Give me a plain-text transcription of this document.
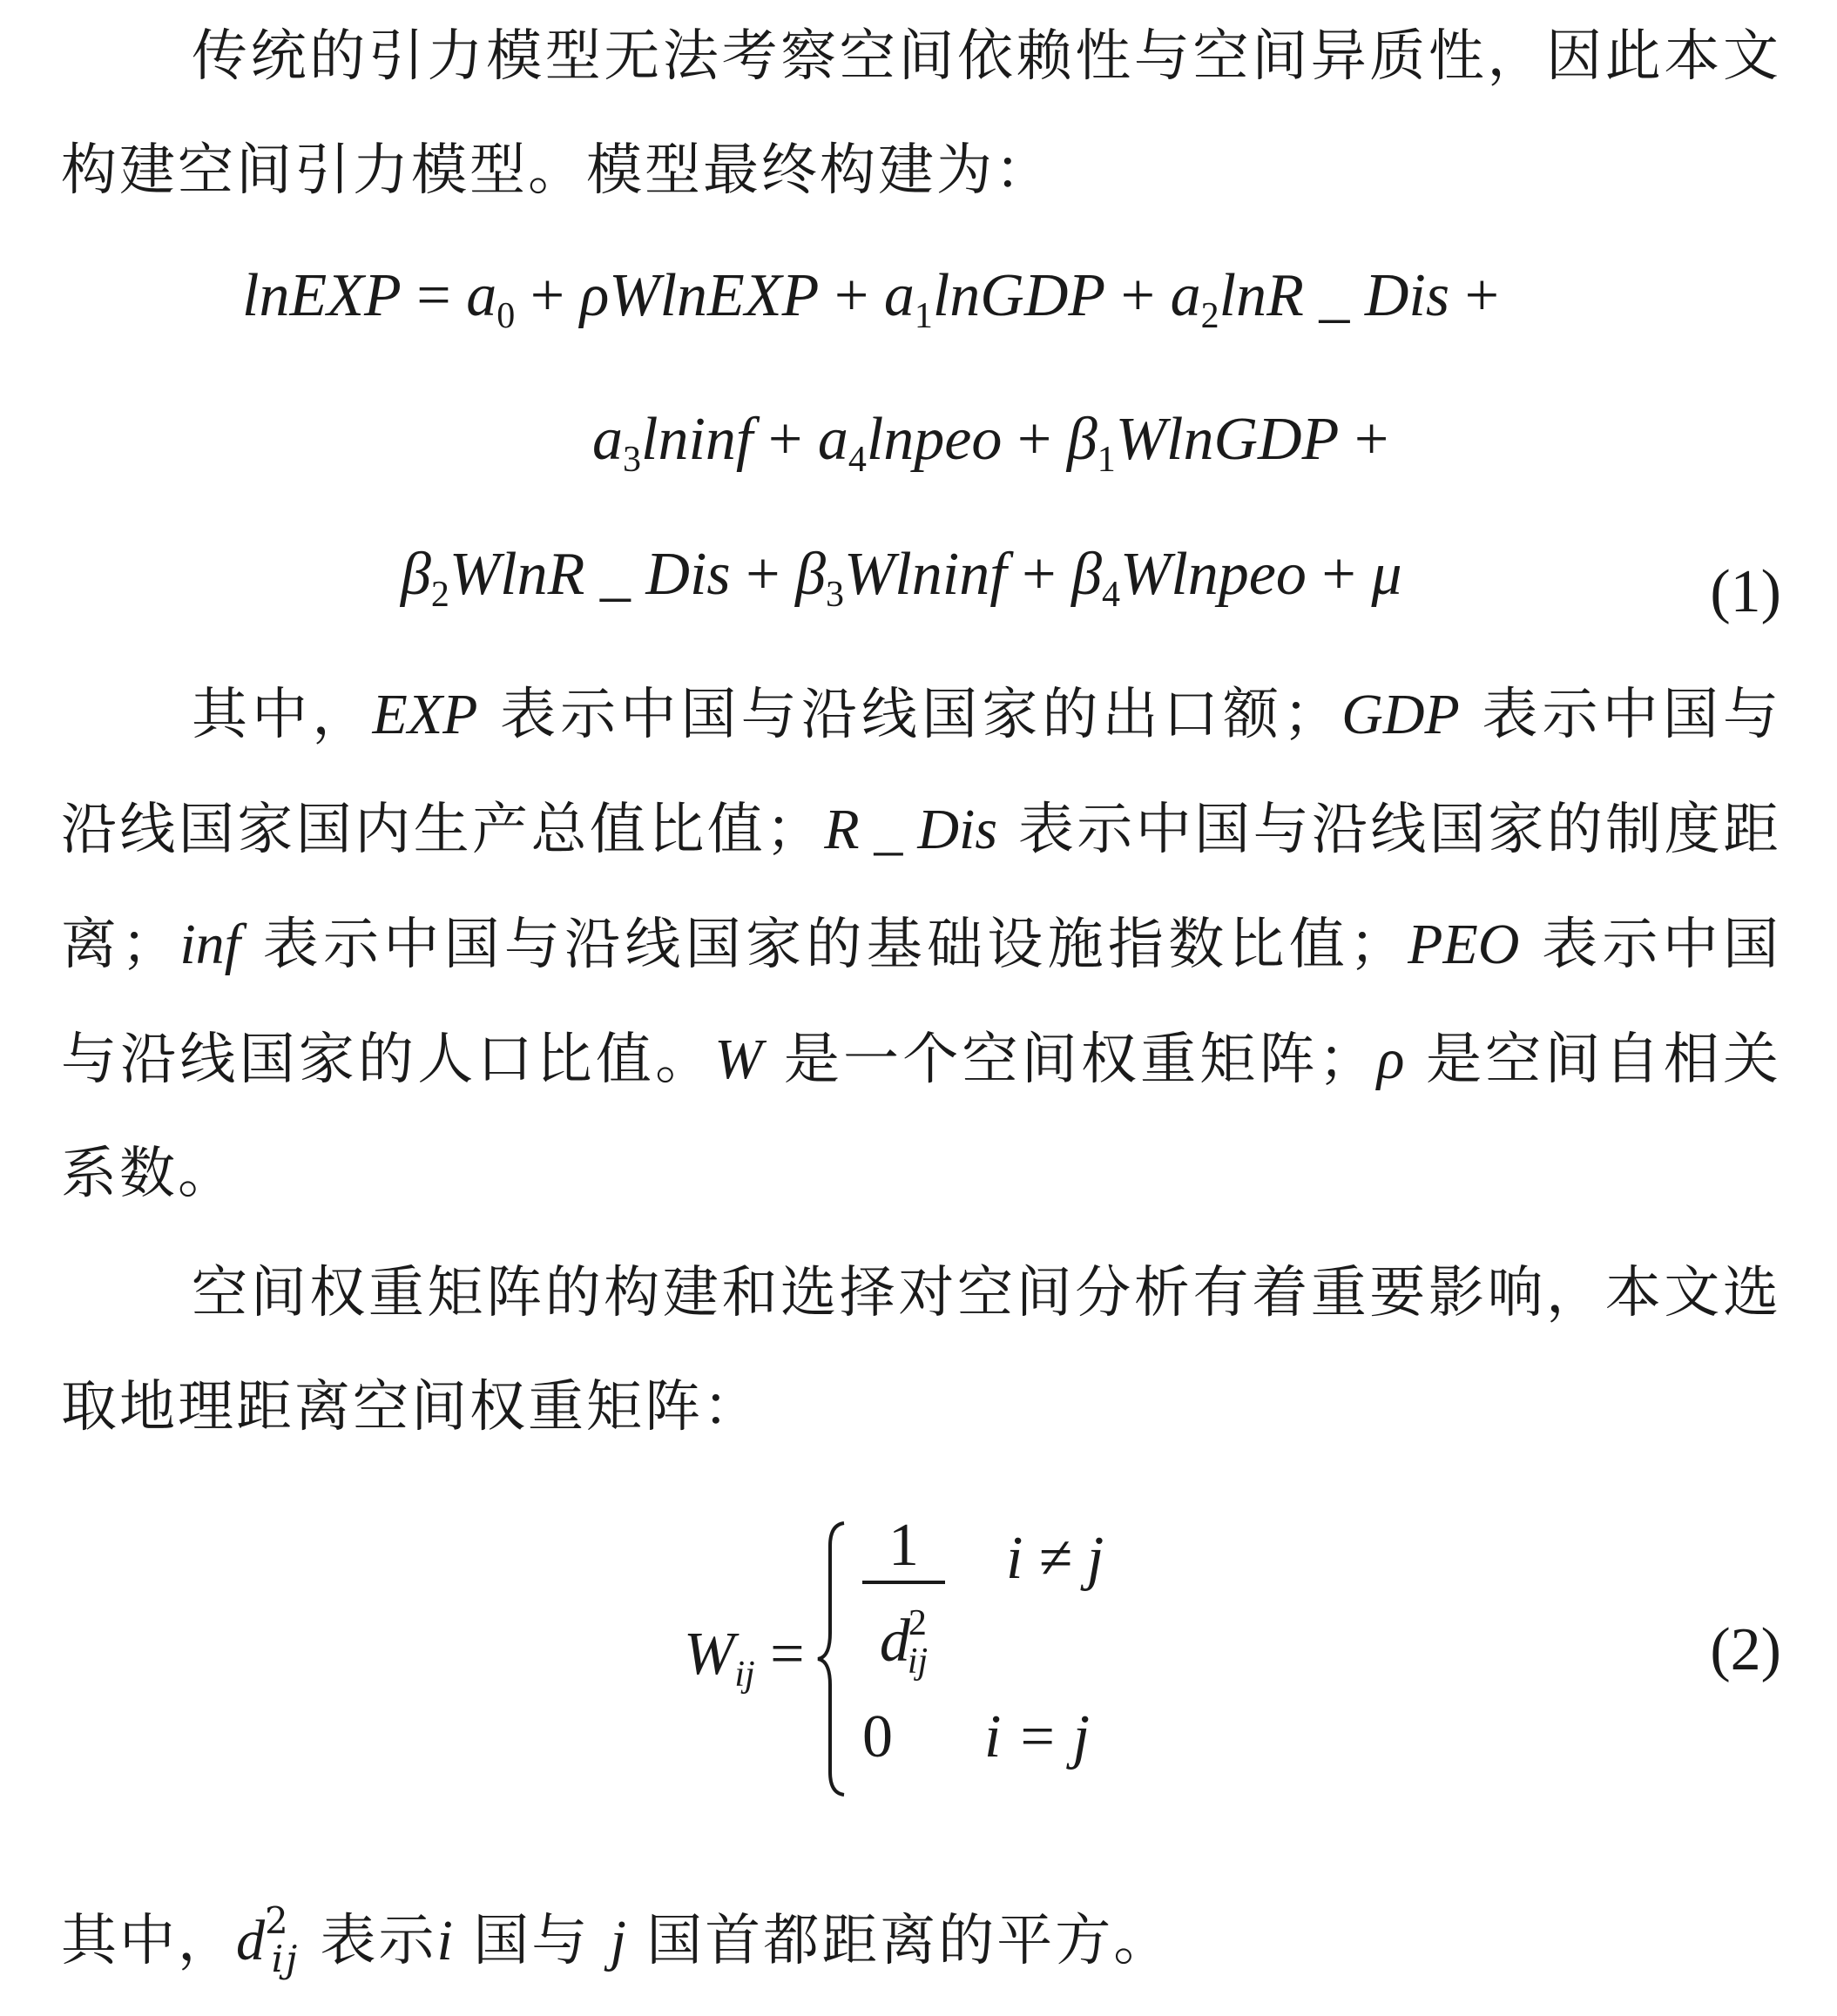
传统的引力模型无法考察空间依赖性与空间异质性，因此本文构建空间引力模型。模型最终构建为：
lnEXP = $a_0$ + ρWlnEXP + $a_1lnGDP + a_2\ln R$ _ Dis +
$a_3lninf$ + $a_4lnpeo$ + $\beta_1WlnGDP$ +
$\beta_2WlnR$ _ Dis + $\beta_3Wlninf$ + $\beta_4Wlnpeo + \mu$	(1)
其中，EXP 表示中国与沿线国家的出口额；GDP 表示中国与沿线国家国内生产总值比值；R _ Dis 表示中国与沿线国家的制度距离；inf 表示中国与沿线国家的基础设施指数比值；PEO 表示中国与沿线国家的人口比值。W 是一个空间权重矩阵；ρ 是空间自相关系数。
空间权重矩阵的构建和选择对空间分析有着重要影响，本文选取地理距离空间权重矩阵：
$W_{ij}$ =
1
$d^2_{ij}$
i ≠ j
0 i = j
(2)
其中，$d^2_{ij}$ 表示i 国与 j 国首都距离的平方。
